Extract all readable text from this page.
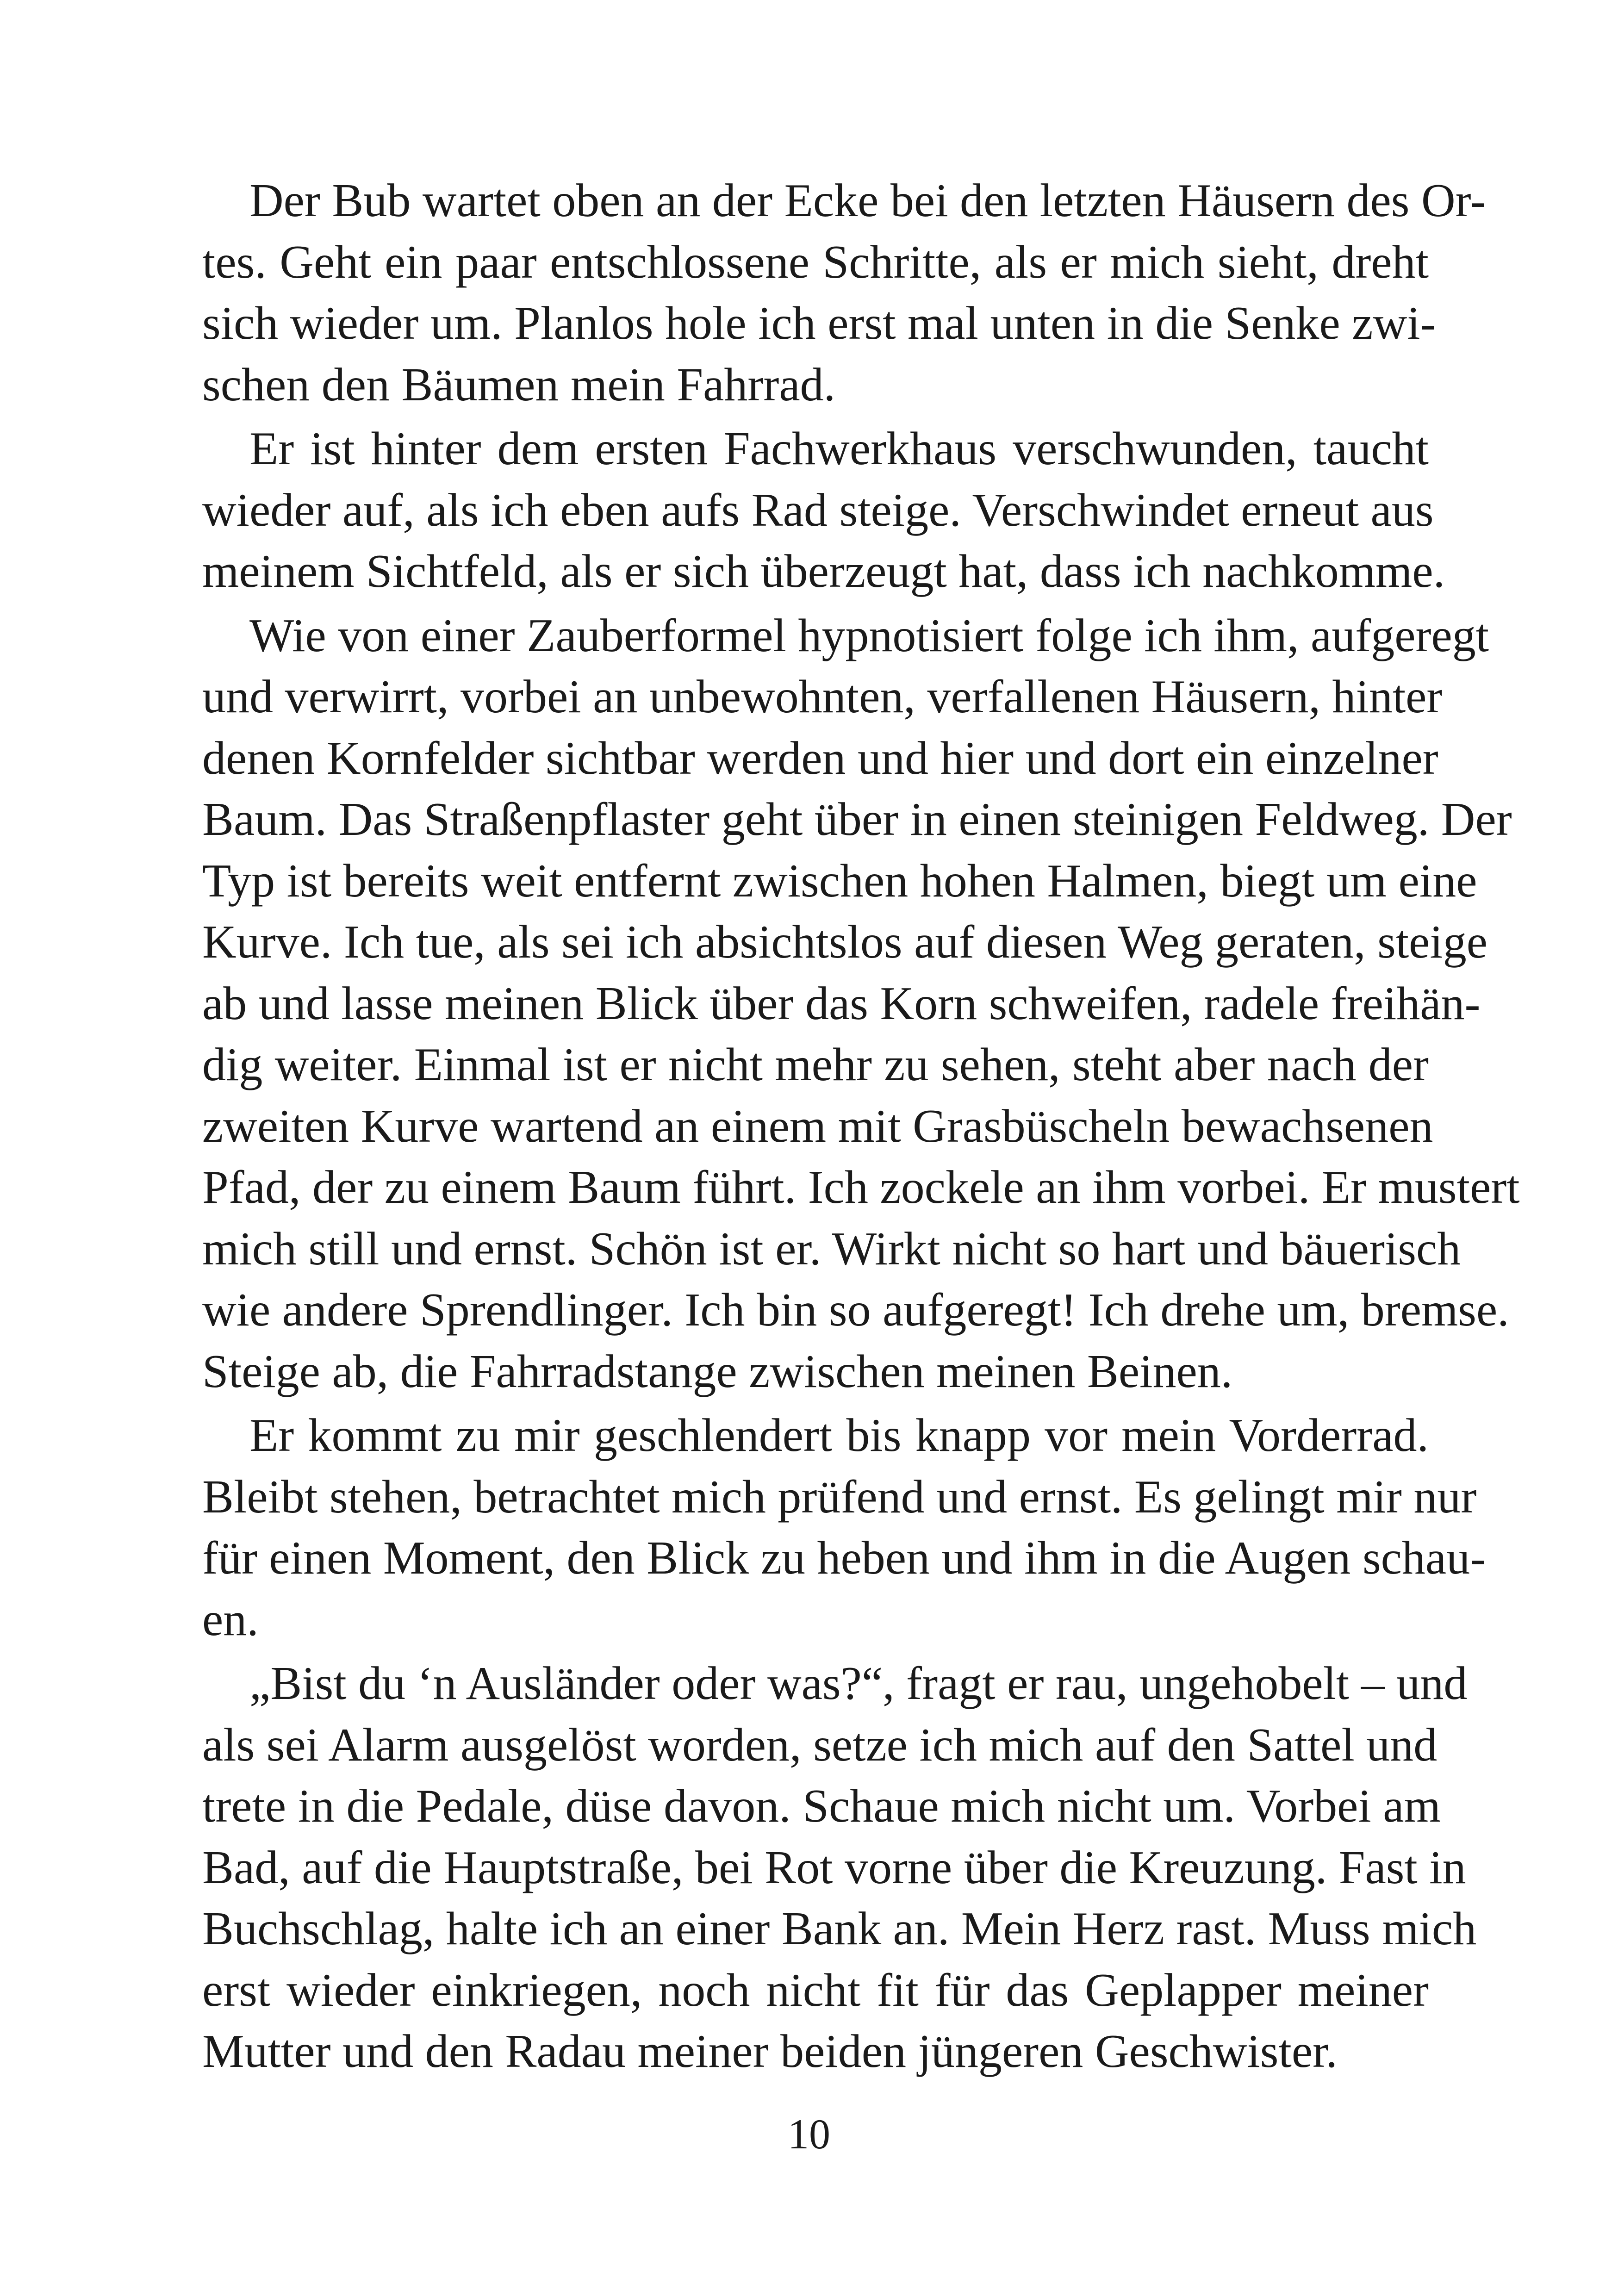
Der Bub wartet oben an der Ecke bei den letzten Häusern des Or-
tes. Geht ein paar entschlossene Schritte, als er mich sieht, dreht
sich wieder um. Planlos hole ich erst mal unten in die Senke zwi-
schen den Bäumen mein Fahrrad.
Er ist hinter dem ersten Fachwerkhaus verschwunden, taucht
wieder auf, als ich eben aufs Rad steige. Verschwindet erneut aus
meinem Sichtfeld, als er sich überzeugt hat, dass ich nachkomme.
Wie von einer Zauberformel hypnotisiert folge ich ihm, aufgeregt
und verwirrt, vorbei an unbewohnten, verfallenen Häusern, hinter
denen Kornfelder sichtbar werden und hier und dort ein einzelner
Baum. Das Straßenpflaster geht über in einen steinigen Feldweg. Der
Typ ist bereits weit entfernt zwischen hohen Halmen, biegt um eine
Kurve. Ich tue, als sei ich absichtslos auf diesen Weg geraten, steige
ab und lasse meinen Blick über das Korn schweifen, radele freihän-
dig weiter. Einmal ist er nicht mehr zu sehen, steht aber nach der
zweiten Kurve wartend an einem mit Grasbüscheln bewachsenen
Pfad, der zu einem Baum führt. Ich zockele an ihm vorbei. Er mustert
mich still und ernst. Schön ist er. Wirkt nicht so hart und bäuerisch
wie andere Sprendlinger. Ich bin so aufgeregt! Ich drehe um, bremse.
Steige ab, die Fahrradstange zwischen meinen Beinen.
Er kommt zu mir geschlendert bis knapp vor mein Vorderrad.
Bleibt stehen, betrachtet mich prüfend und ernst. Es gelingt mir nur
für einen Moment, den Blick zu heben und ihm in die Augen schau-
en.
„Bist du ‘n Ausländer oder was?“, fragt er rau, ungehobelt – und
als sei Alarm ausgelöst worden, setze ich mich auf den Sattel und
trete in die Pedale, düse davon. Schaue mich nicht um. Vorbei am
Bad, auf die Hauptstraße, bei Rot vorne über die Kreuzung. Fast in
Buchschlag, halte ich an einer Bank an. Mein Herz rast. Muss mich
erst wieder einkriegen, noch nicht fit für das Geplapper meiner
Mutter und den Radau meiner beiden jüngeren Geschwister.
10
